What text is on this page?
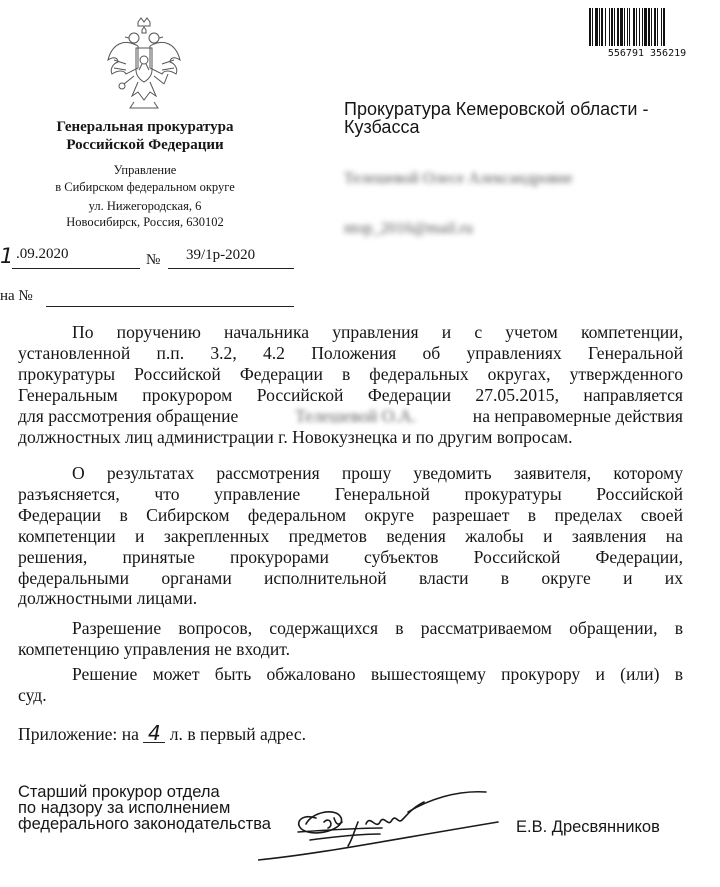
556791 356219
Генеральная прокуратура
Российской Федерации
Управление
в Сибирском федеральном округе
ул. Нижегородская, 6
Новосибирск, Россия, 630102
1 .09.2020	№ 39/1р-2020
на №
Прокуратура Кемеровской области -
Кузбасса
Телешевой Олесе Александровне
ntop_2016@mail.ru

По поручению начальника управления и с учетом компетенции,

установленной п.п. 3.2, 4.2 Положения об управлениях Генеральной

прокуратуры Российской Федерации в федеральных округах, утвержденного

Генеральным прокурором Российской Федерации 27.05.2015, направляется

для рассмотрения обращение	Телешевой О.А.	на неправомерные действия

должностных лиц администрации г. Новокузнецка и по другим вопросам.

О результатах рассмотрения прошу уведомить заявителя, которому

разъясняется, что управление Генеральной прокуратуры Российской

Федерации в Сибирском федеральном округе разрешает в пределах своей

компетенции и закрепленных предметов ведения жалобы и заявления на

решения, принятые прокурорами субъектов Российской Федерации,

федеральными органами исполнительной власти в округе и их

должностными лицами.

Разрешение вопросов, содержащихся в рассматриваемом обращении, в

компетенцию управления не входит.

Решение может быть обжаловано вышестоящему прокурору и (или) в

суд.

Приложение: на 4 л. в первый адрес.
Старший прокурор отдела
по надзору за исполнением
федерального законодательства	Е.В. Дресвянников
